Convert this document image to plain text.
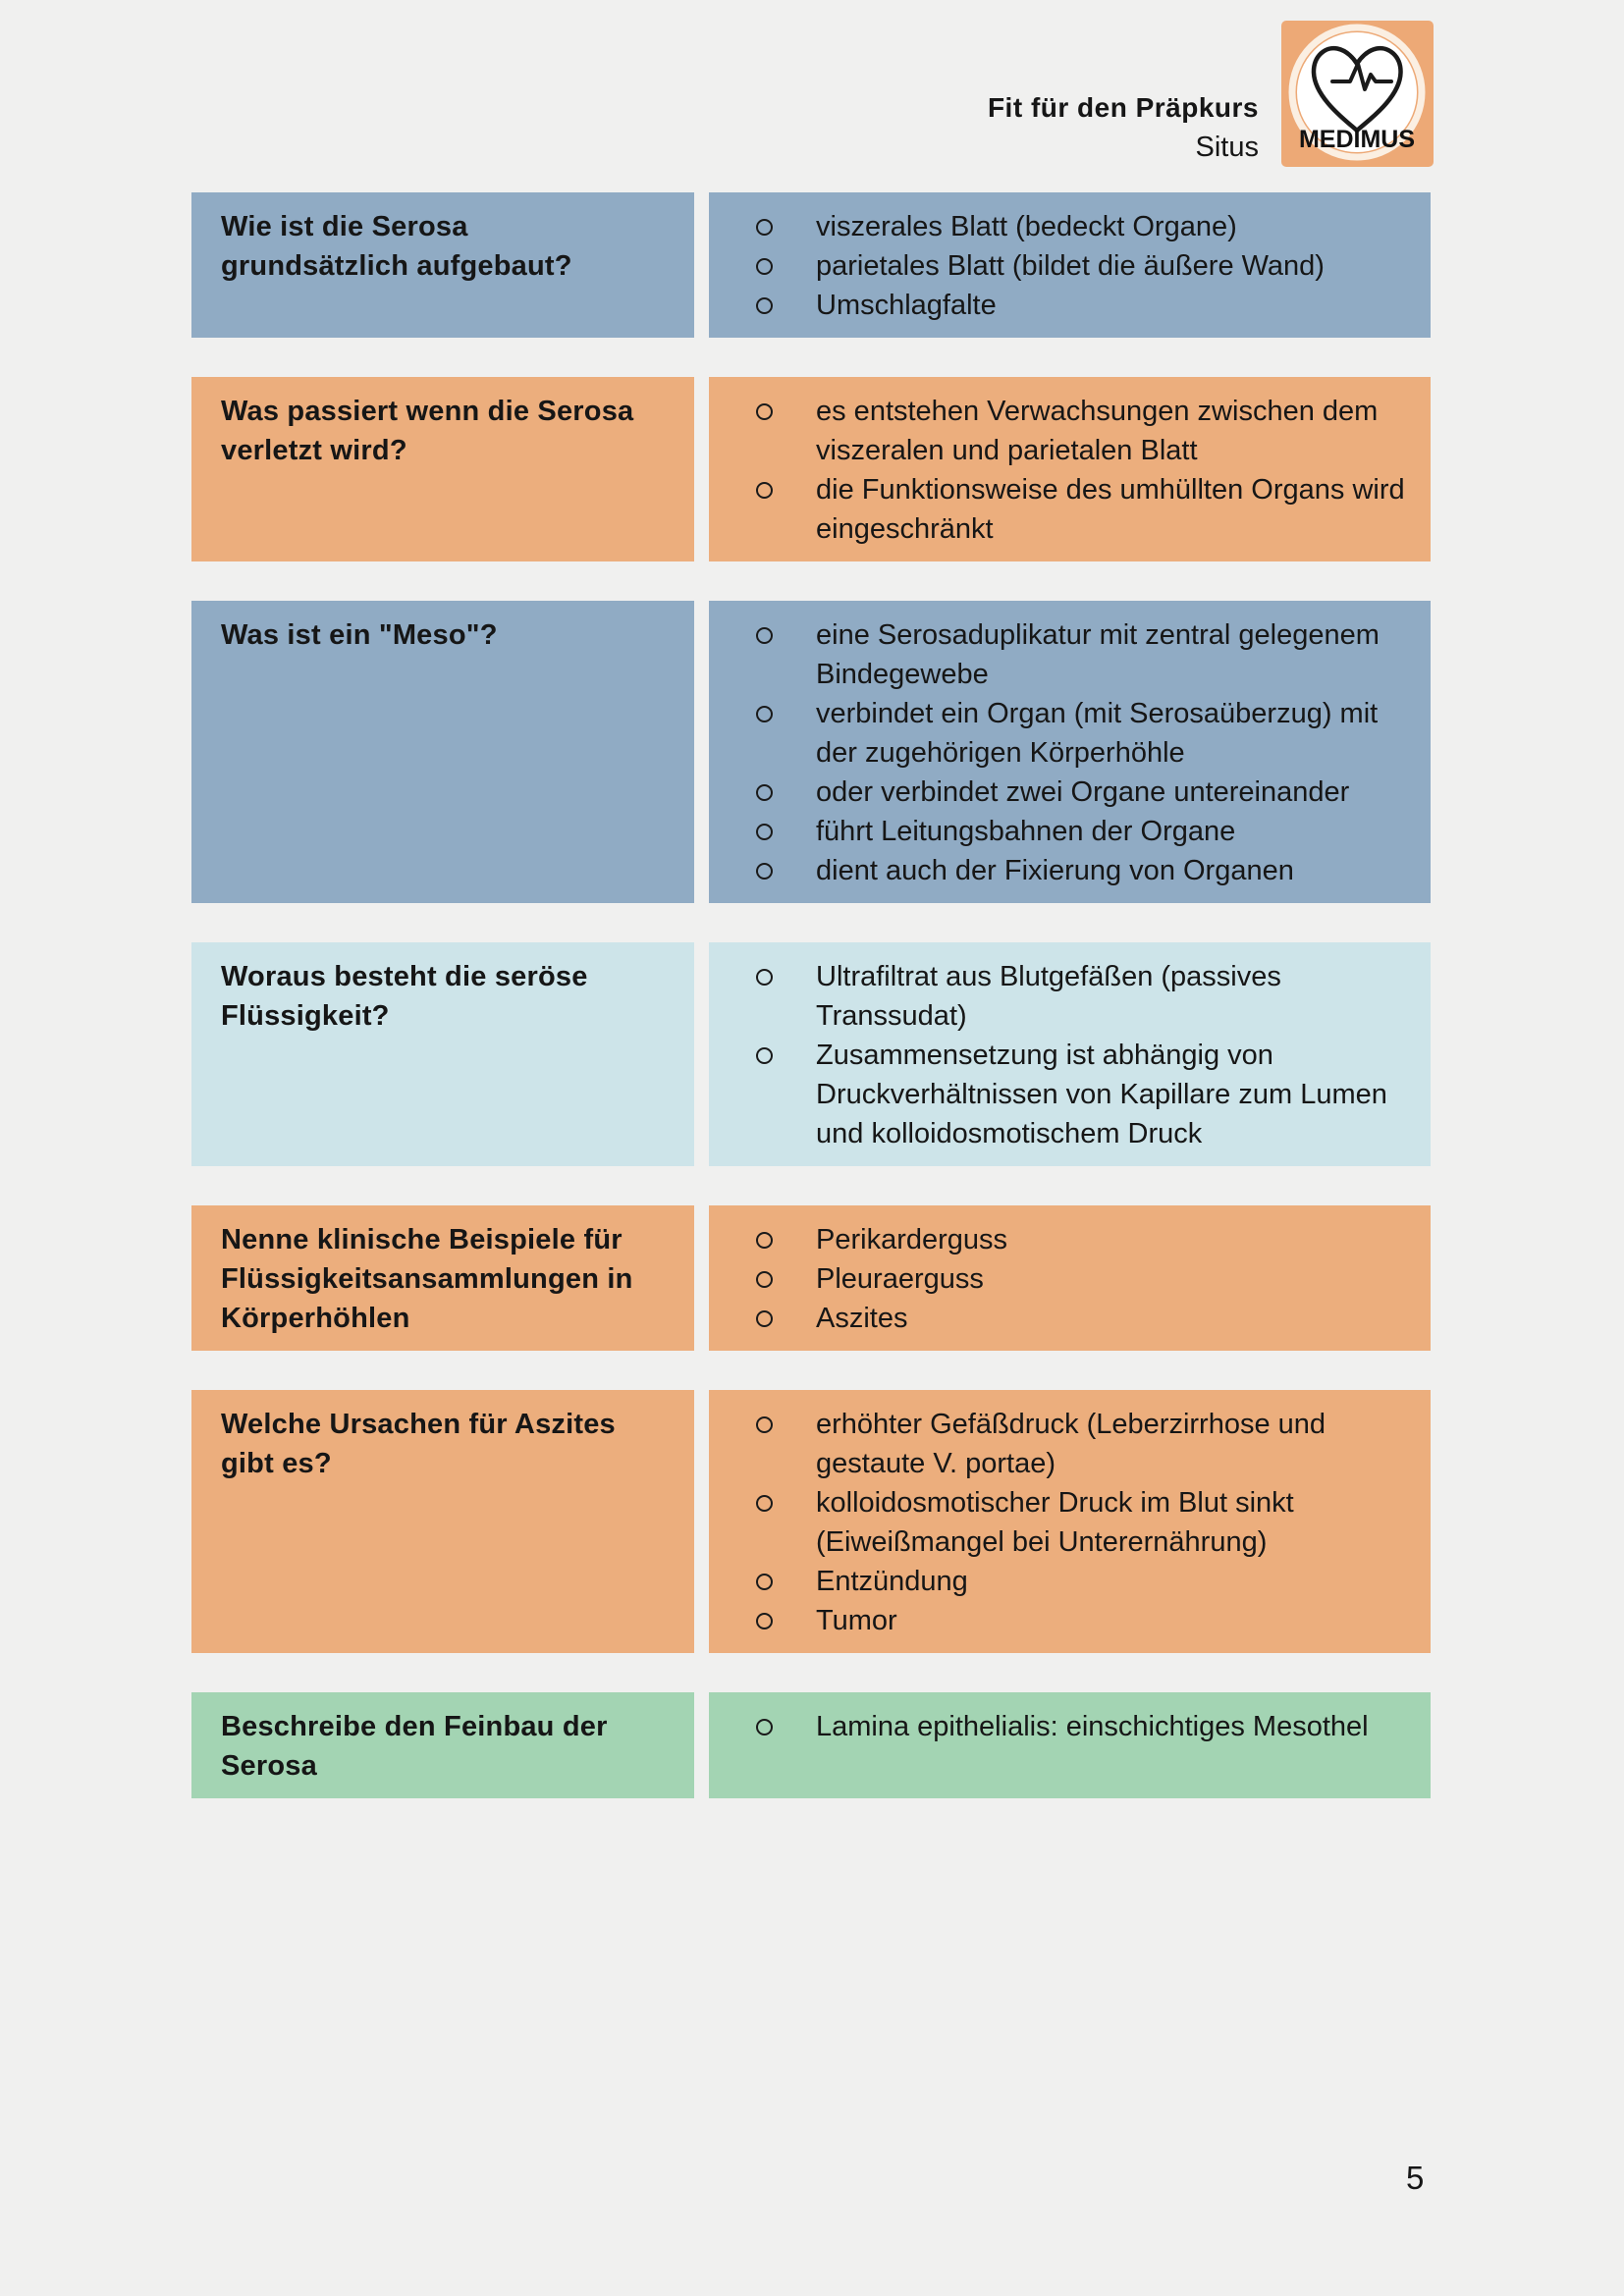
Fit für den Präpkurs
Situs MEDIMUS
Wie ist die Serosa grundsätzlich aufgebaut?
viszerales Blatt (bedeckt Organe)
parietales Blatt (bildet die äußere Wand)
Umschlagfalte
Was passiert wenn die Serosa verletzt wird?
es entstehen Verwachsungen zwischen dem viszeralen und parietalen Blatt
die Funktionsweise des umhüllten Organs wird eingeschränkt
Was ist ein "Meso"?	eine Serosaduplikatur mit zentral gelegenem Bindegewebe
verbindet ein Organ (mit Serosaüberzug) mit der zugehörigen Körperhöhle
oder verbindet zwei Organe untereinander
führt Leitungsbahnen der Organe
dient auch der Fixierung von Organen
Woraus besteht die seröse Flüssigkeit?
Ultrafiltrat aus Blutgefäßen (passives Transsudat)
Zusammensetzung ist abhängig von Druckverhältnissen von Kapillare zum Lumen und kolloidosmotischem Druck
Nenne klinische Beispiele für Flüssigkeitsansammlungen in Körperhöhlen
Perikarderguss
Pleuraerguss
Aszites
Welche Ursachen für Aszites gibt es?
erhöhter Gefäßdruck (Leberzirrhose und gestaute V. portae)
kolloidosmotischer Druck im Blut sinkt (Eiweißmangel bei Unterernährung)
Entzündung
Tumor
Beschreibe den Feinbau der Serosa
Lamina epithelialis: einschichtiges Mesothel
5
